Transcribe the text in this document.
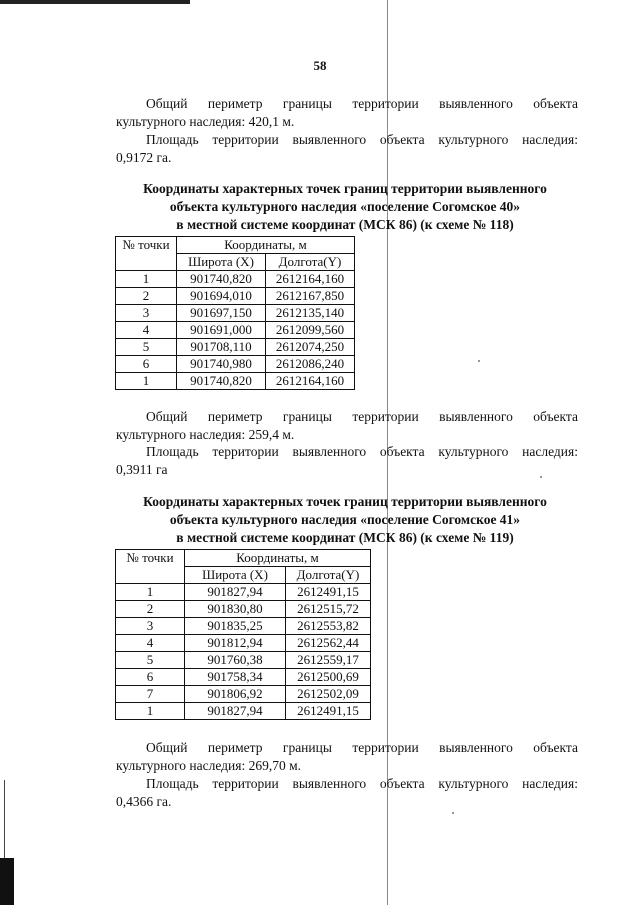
58
Общий периметр границы территории выявленного объекта
культурного наследия: 420,1 м.
Площадь территории выявленного объекта культурного наследия:
0,9172 га.
Координаты характерных точек границ территории выявленного
объекта культурного наследия «поселение Согомское 40»
в местной системе координат (МСК 86) (к схеме № 118)
№ точки	Координаты, м	
	Широта (X)	Долгота(Y)
1	901740,820	2612164,160
2	901694,010	2612167,850
3	901697,150	2612135,140
4	901691,000	2612099,560
5	901708,110	2612074,250
6	901740,980	2612086,240
1	901740,820	2612164,160
Общий периметр границы территории выявленного объекта
культурного наследия: 259,4 м.
Площадь территории выявленного объекта культурного наследия:
0,3911 га
Координаты характерных точек границ территории выявленного
объекта культурного наследия «поселение Согомское 41»
в местной системе координат (МСК 86) (к схеме № 119)
№ точки	Координаты, м	
	Широта (X)	Долгота(Y)
1	901827,94	2612491,15
2	901830,80	2612515,72
3	901835,25	2612553,82
4	901812,94	2612562,44
5	901760,38	2612559,17
6	901758,34	2612500,69
7	901806,92	2612502,09
1	901827,94	2612491,15
Общий периметр границы территории выявленного объекта
культурного наследия: 269,70 м.
Площадь территории выявленного объекта культурного наследия:
0,4366 га.
